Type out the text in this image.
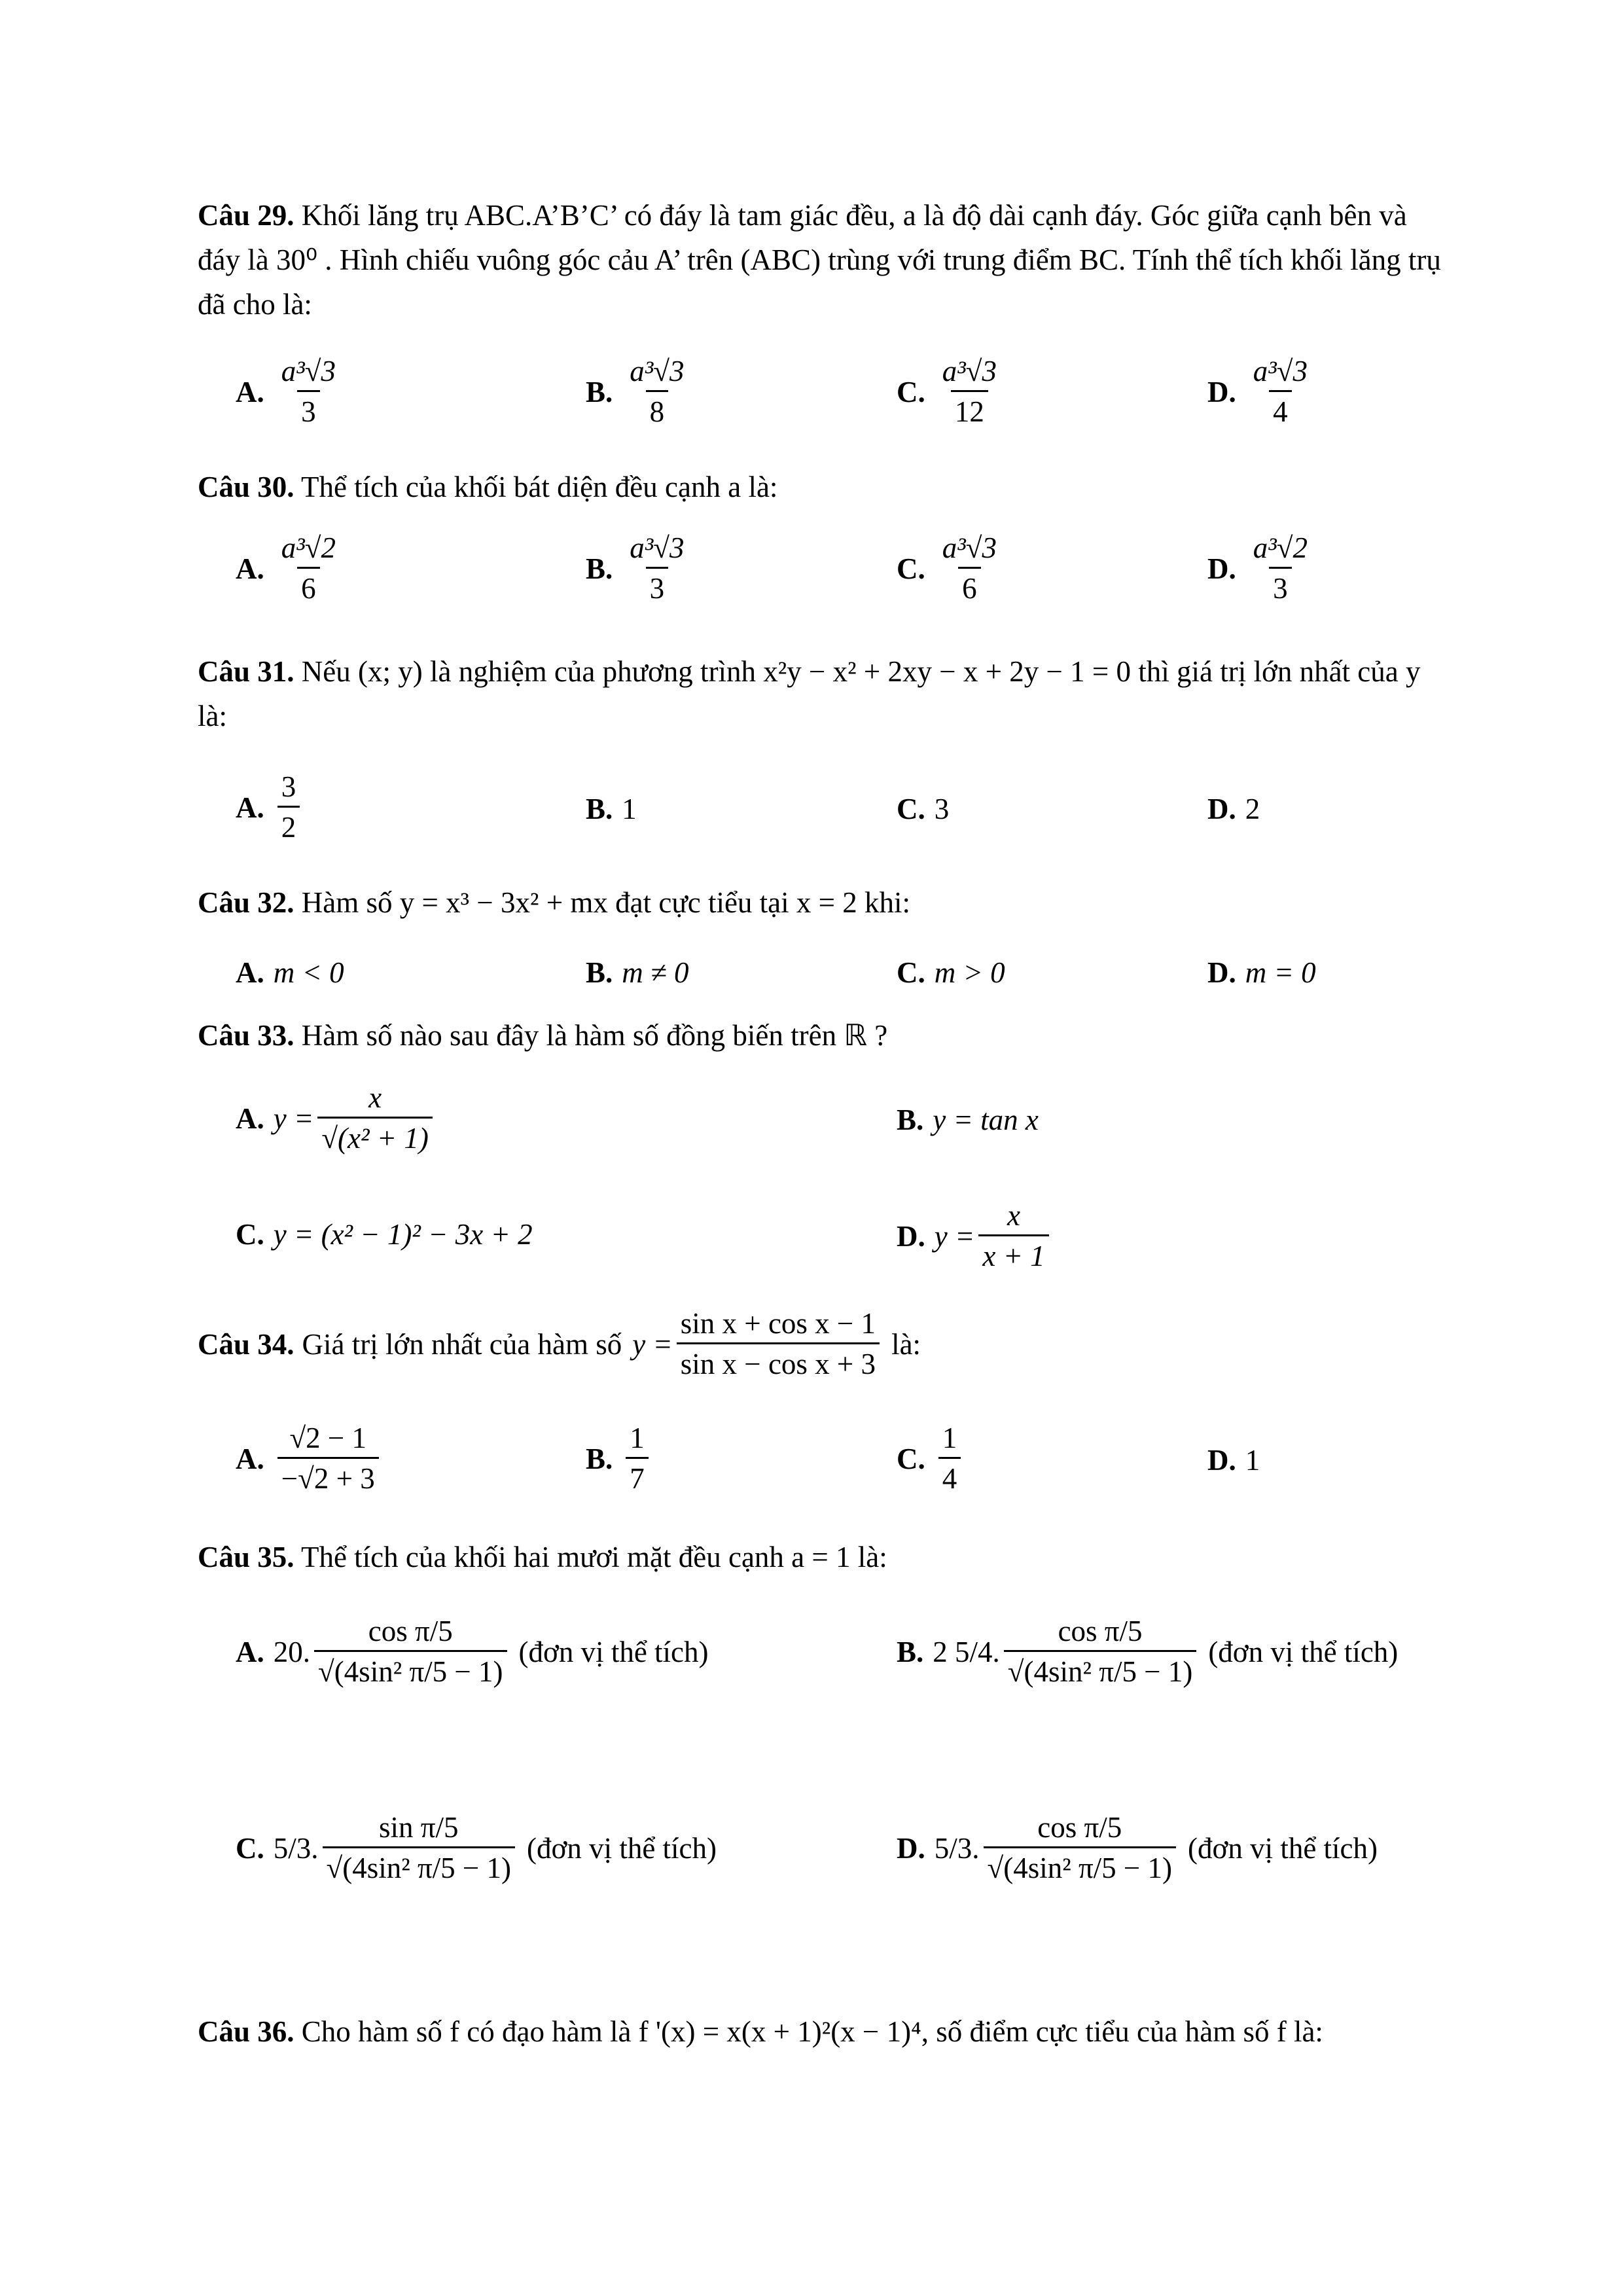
Câu 29. Khối lăng trụ ABC.A’B’C’ có đáy là tam giác đều, a là độ dài cạnh đáy. Góc giữa cạnh bên và đáy là 30⁰ . Hình chiếu vuông góc cảu A’ trên (ABC) trùng với trung điểm BC. Tính thể tích khối lăng trụ đã cho là:
A. $\frac{\text{a³√3}}{3}$	B. $\frac{\text{a³√3}}{8}$	C. $\frac{\text{a³√3}}{12}$	D. $\frac{\text{a³√3}}{4}$
Câu 30. Thể tích của khối bát diện đều cạnh a là:
A. $\frac{\text{a³√2}}{6}$	B. $\frac{\text{a³√3}}{3}$	C. $\frac{\text{a³√3}}{6}$	D. $\frac{\text{a³√2}}{3}$
Câu 31. Nếu (x; y) là nghiệm của phương trình x²y − x² + 2xy − x + 2y − 1 = 0 thì giá trị lớn nhất của y là:
A. $\frac{3}{2}$	B. 1	C. 3	D. 2
Câu 32. Hàm số y = x³ − 3x² + mx đạt cực tiểu tại x = 2 khi:
A. m < 0	B. m ≠ 0	C. m > 0	D. m = 0
Câu 33. Hàm số nào sau đây là hàm số đồng biến trên ℝ ?
A. $y = \frac{x}{\text{√(x² + 1)}}$	B. y = tan x
C. y = (x² − 1)² − 3x + 2	D. $y = \frac{x}{x + 1}$
Câu 34. Giá trị lớn nhất của hàm số $y = \frac{\text{sin x + cos x − 1}}{\text{sin x − cos x + 3}}$ là:
A. $\frac{√2 - 1}{-√2 + 3}$	B. $\frac{1}{7}$	C. $\frac{1}{4}$	D. 1
Câu 35. Thể tích của khối hai mươi mặt đều cạnh a = 1 là:
A. 20. $\frac{\text{cos π/5}}{\text{√(4sin² π/5 − 1)}}$ (đơn vị thể tích)	B. 2 5/4. $\frac{\text{cos π/5}}{\text{√(4sin² π/5 − 1)}}$ (đơn vị thể tích)
C. 5/3. $\frac{\text{sin π/5}}{\text{√(4sin² π/5 − 1)}}$ (đơn vị thể tích)	D. 5/3. $\frac{\text{cos π/5}}{\text{√(4sin² π/5 − 1)}}$ (đơn vị thể tích)
Câu 36. Cho hàm số f có đạo hàm là f '(x) = x(x + 1)²(x − 1)⁴, số điểm cực tiểu của hàm số f là:
